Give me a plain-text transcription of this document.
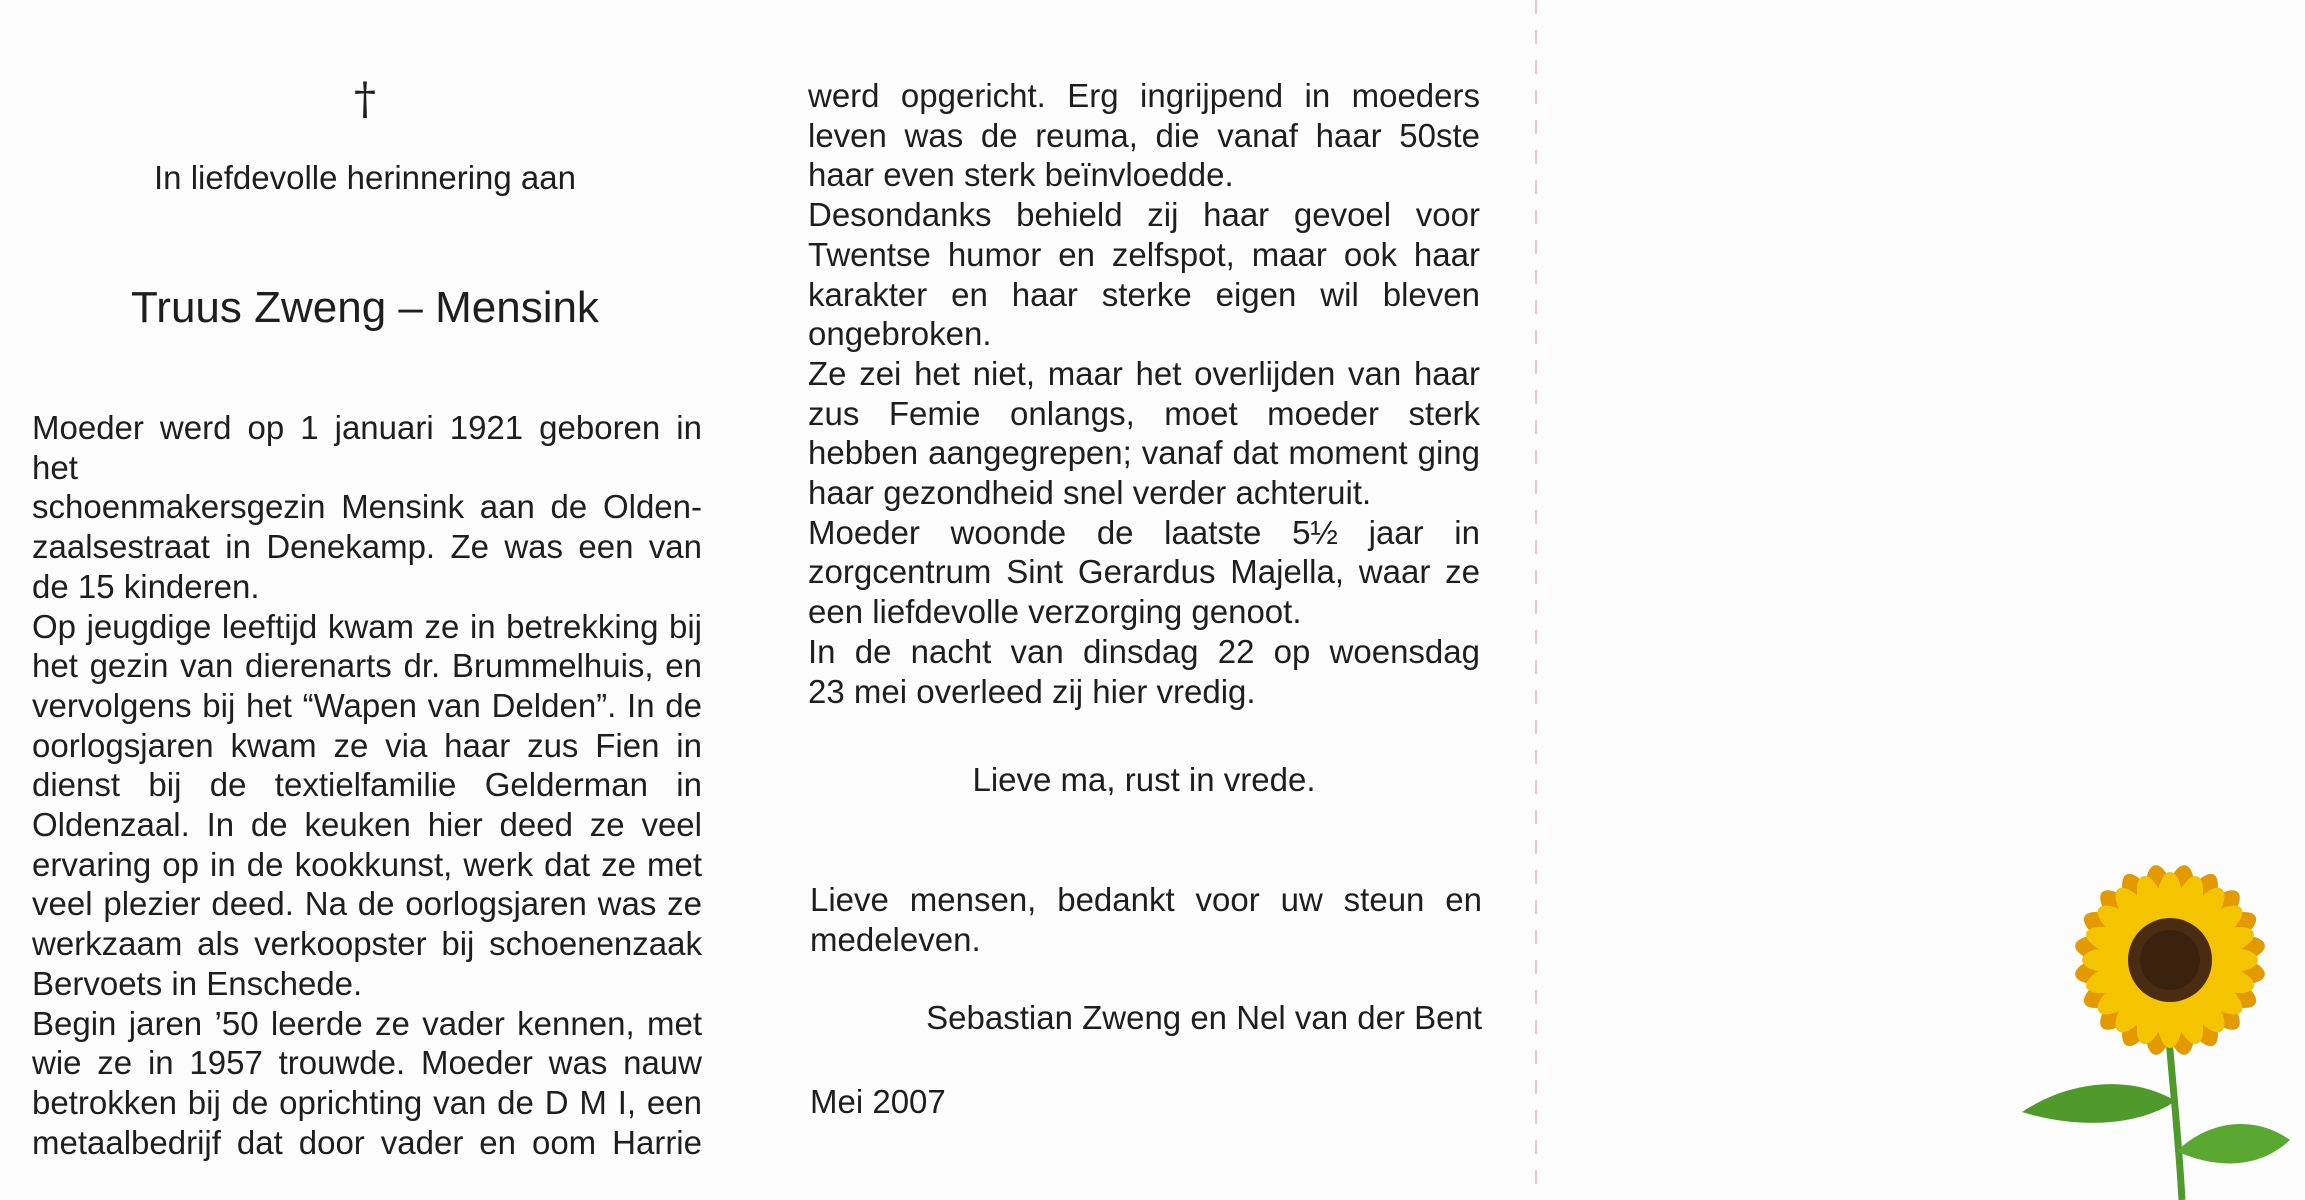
†
In liefdevolle herinnering aan
Truus Zweng – Mensink

Moeder werd op 1 januari 1921 geboren in het

schoenmakersgezin Mensink aan de Olden-

zaalsestraat in Denekamp. Ze was een van

de 15 kinderen.

Op jeugdige leeftijd kwam ze in betrekking bij

het gezin van dierenarts dr. Brummelhuis, en

vervolgens bij het “Wapen van Delden”. In de

oorlogsjaren kwam ze via haar zus Fien in

dienst bij de textielfamilie Gelderman in

Oldenzaal. In de keuken hier deed ze veel

ervaring op in de kookkunst, werk dat ze met

veel plezier deed. Na de oorlogsjaren was ze

werkzaam als verkoopster bij schoenenzaak

Bervoets in Enschede.

Begin jaren ’50 leerde ze vader kennen, met

wie ze in 1957 trouwde. Moeder was nauw

betrokken bij de oprichting van de D M I, een

metaalbedrijf dat door vader en oom Harrie

werd opgericht. Erg ingrijpend in moeders

leven was de reuma, die vanaf haar 50ste

haar even sterk beïnvloedde.

Desondanks behield zij haar gevoel voor

Twentse humor en zelfspot, maar ook haar

karakter en haar sterke eigen wil bleven

ongebroken.

Ze zei het niet, maar het overlijden van haar

zus Femie onlangs, moet moeder sterk

hebben aangegrepen; vanaf dat moment ging

haar gezondheid snel verder achteruit.

Moeder woonde de laatste 5½ jaar in

zorgcentrum Sint Gerardus Majella, waar ze

een liefdevolle verzorging genoot.

In de nacht van dinsdag 22 op woensdag

23 mei overleed zij hier vredig.

Lieve ma, rust in vrede.

Lieve mensen, bedankt voor uw steun en

medeleven.

Sebastian Zweng en Nel van der Bent
Mei 2007
